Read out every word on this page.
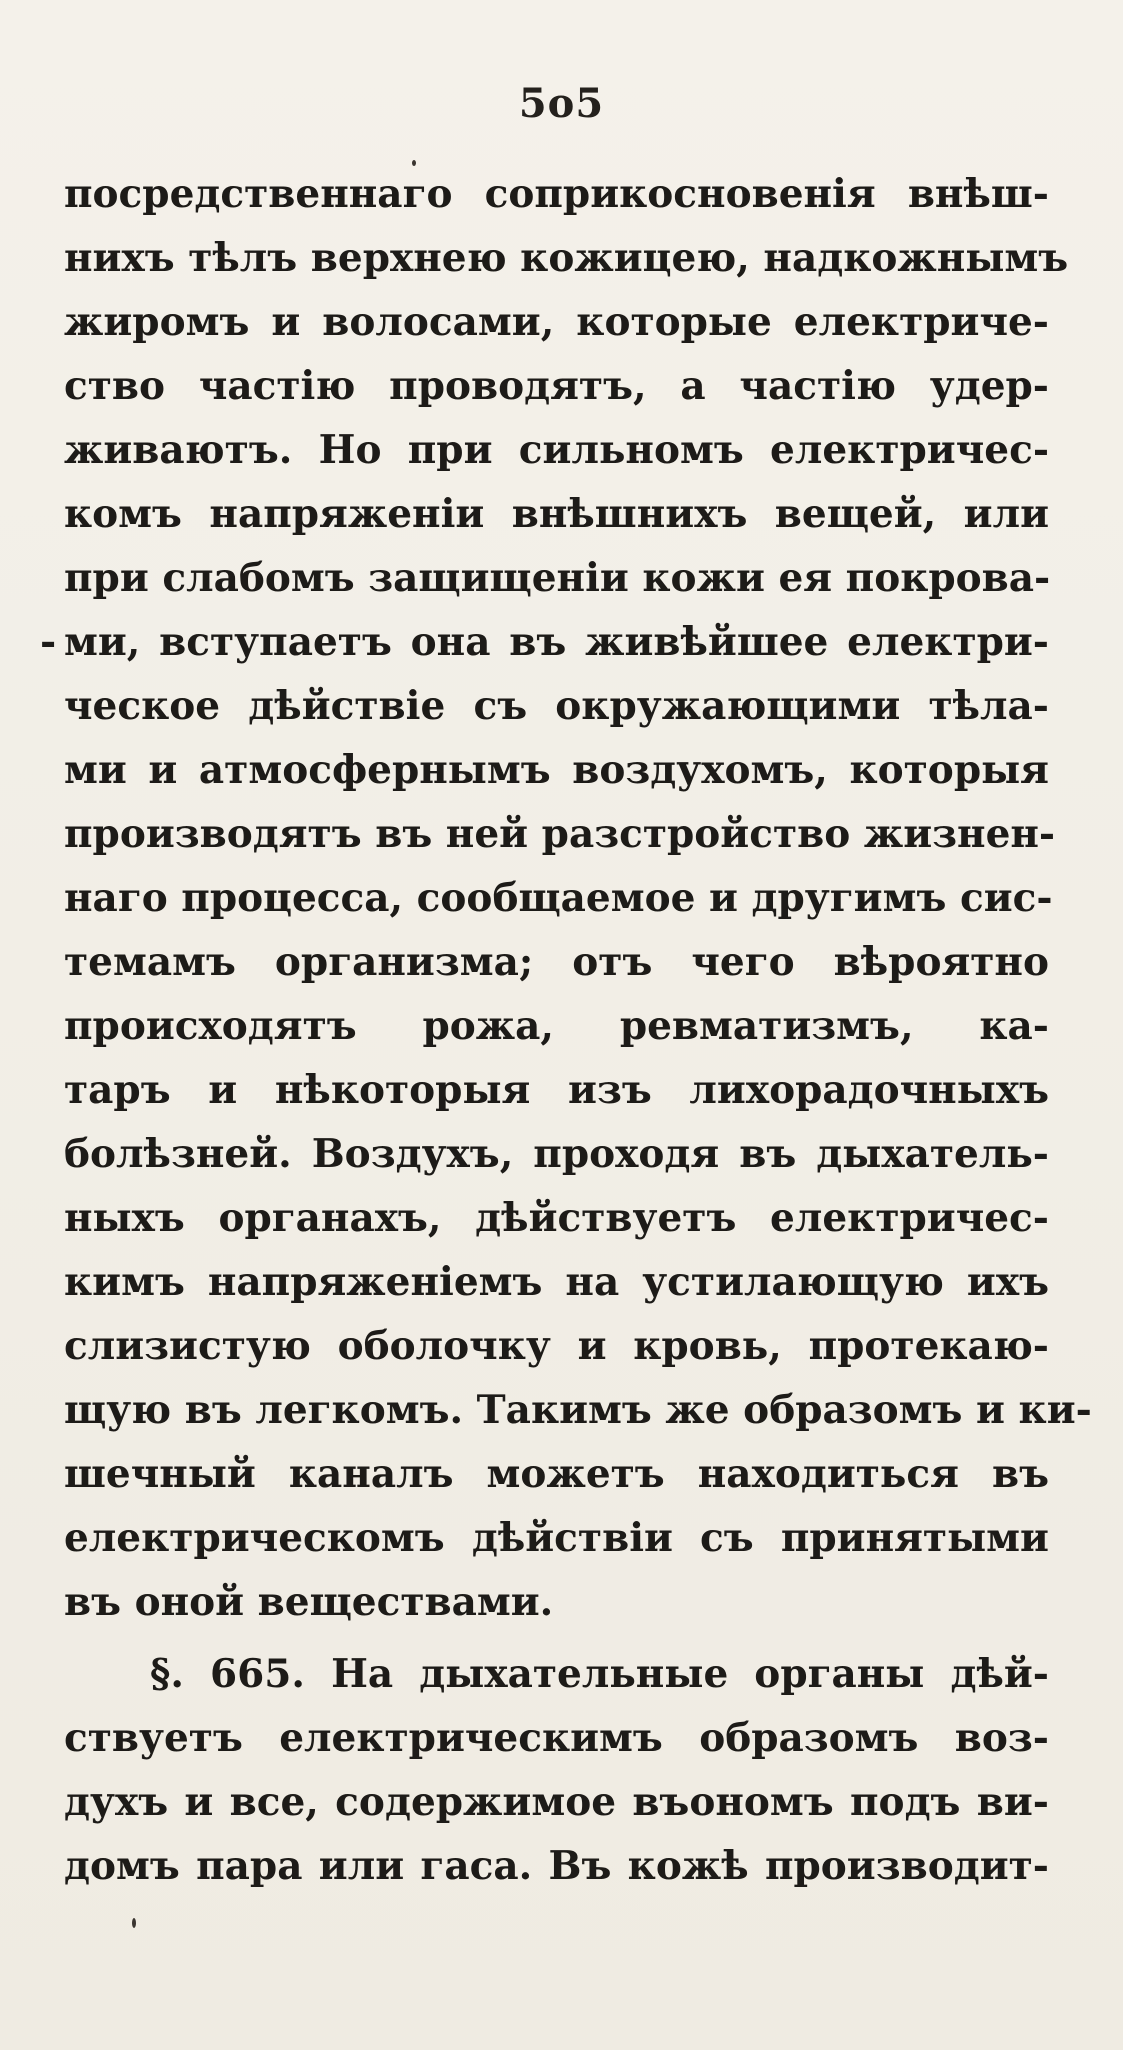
5o5
посредственнаго соприкосновенія внѣш-
нихъ тѣлъ верхнею кожицею, надкожнымъ
жиромъ и волосами, которые електриче-
ство частію проводятъ, а частію удер-
живаютъ. Но при сильномъ електричес-
комъ напряженіи внѣшнихъ вещей, или
при слабомъ защищеніи кожи ея покрова-
- ми, вступаетъ она въ живѣйшее електри-
ческое дѣйствіе съ окружающими тѣла-
ми и атмосфернымъ воздухомъ, которыя
производятъ въ ней разстройство жизнен-
наго процесса, сообщаемое и другимъ сис-
темамъ организма; отъ чего вѣроятно
происходятъ рожа, ревматизмъ, ка-
таръ и нѣкоторыя изъ лихорадочныхъ
болѣзней. Воздухъ, проходя въ дыхатель-
ныхъ органахъ, дѣйствуетъ електричес-
кимъ напряженіемъ на устилающую ихъ
слизистую оболочку и кровь, протекаю-
щую въ легкомъ. Такимъ же образомъ и ки-
шечный каналъ можетъ находиться въ
електрическомъ дѣйствіи съ принятыми
въ оной веществами.
§. 665. На дыхательные органы дѣй-
ствуетъ електрическимъ образомъ воз-
духъ и все, содержимое въономъ подъ ви-
домъ пара или гаса. Въ кожѣ производит-
